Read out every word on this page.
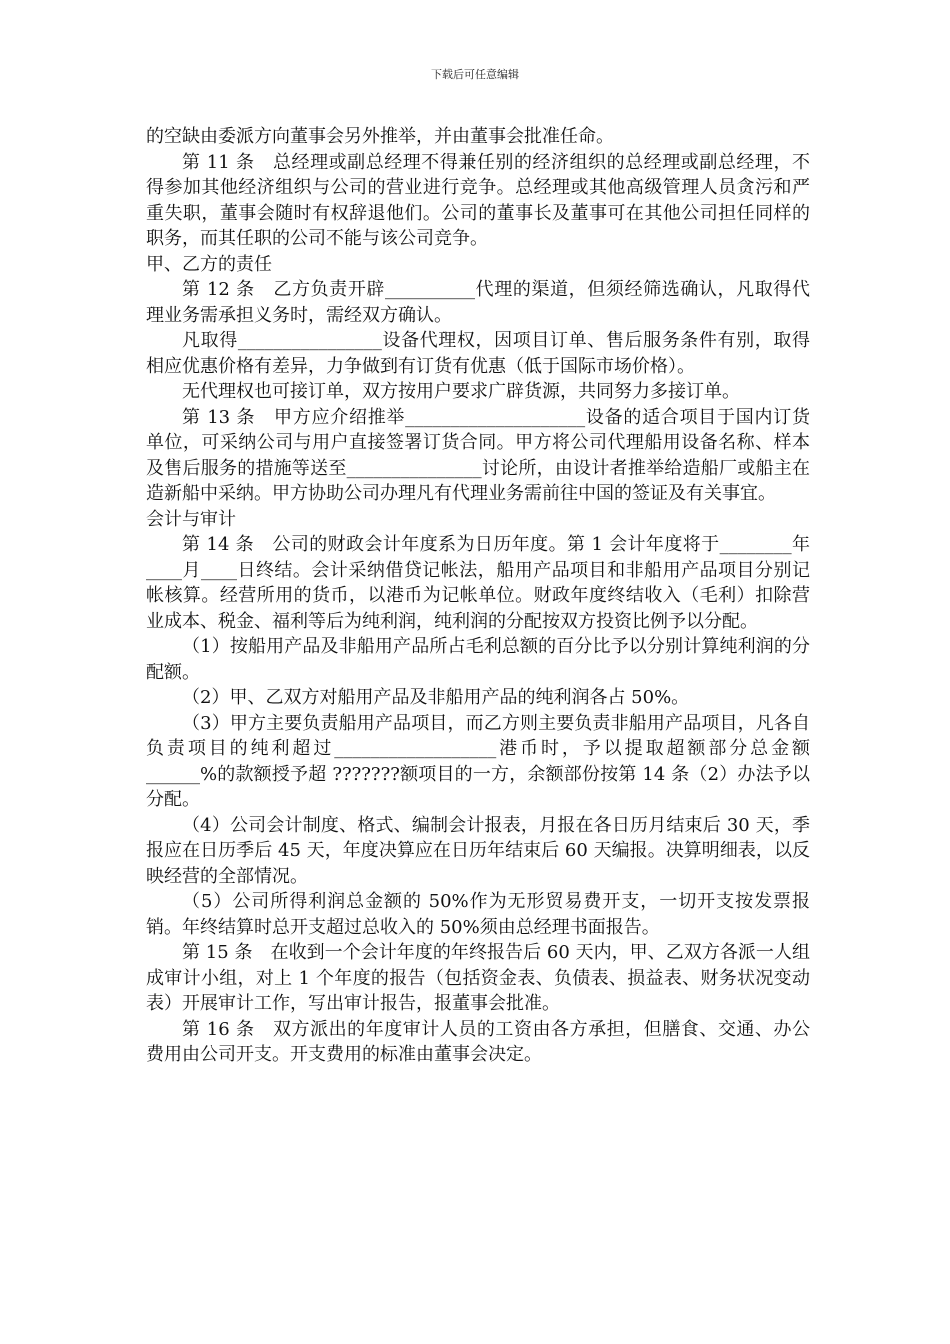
下载后可任意编辑

的空缺由委派方向董事会另外推举，并由董事会批准任命。

第 11 条　总经理或副总经理不得兼任别的经济组织的总经理或副总经理，不得参加其他经济组织与公司的营业进行竞争。总经理或其他高级管理人员贪污和严重失职，董事会随时有权辞退他们。公司的董事长及董事可在其他公司担任同样的职务，而其任职的公司不能与该公司竞争。

甲、乙方的责任

第 12 条　乙方负责开辟__________代理的渠道，但须经筛选确认，凡取得代理业务需承担义务时，需经双方确认。

凡取得________________设备代理权，因项目订单、售后服务条件有别，取得相应优惠价格有差异，力争做到有订货有优惠（低于国际市场价格）。

无代理权也可接订单，双方按用户要求广辟货源，共同努力多接订单。

第 13 条　甲方应介绍推举____________________设备的适合项目于国内订货单位，可采纳公司与用户直接签署订货合同。甲方将公司代理船用设备名称、样本及售后服务的措施等送至_______________讨论所，由设计者推举给造船厂或船主在造新船中采纳。甲方协助公司办理凡有代理业务需前往中国的签证及有关事宜。

会计与审计

第 14 条　公司的财政会计年度系为日历年度。第 1 会计年度将于________年____月____日终结。会计采纳借贷记帐法，船用产品项目和非船用产品项目分别记帐核算。经营所用的货币，以港币为记帐单位。财政年度终结收入（毛利）扣除营业成本、税金、福利等后为纯利润，纯利润的分配按双方投资比例予以分配。

（1）按船用产品及非船用产品所占毛利总额的百分比予以分别计算纯利润的分配额。

（2）甲、乙双方对船用产品及非船用产品的纯利润各占 50%。

（3）甲方主要负责船用产品项目，而乙方则主要负责非船用产品项目，凡各自负责项目的纯利超过__________________港币时，予以提取超额部分总金额______%的款额授予超 ???????额项目的一方，余额部份按第 14 条（2）办法予以分配。

（4）公司会计制度、格式、编制会计报表，月报在各日历月结束后 30 天，季报应在日历季后 45 天，年度决算应在日历年结束后 60 天编报。决算明细表，以反映经营的全部情况。

（5）公司所得利润总金额的 50%作为无形贸易费开支，一切开支按发票报销。年终结算时总开支超过总收入的 50%须由总经理书面报告。

第 15 条　在收到一个会计年度的年终报告后 60 天内，甲、乙双方各派一人组成审计小组，对上 1 个年度的报告（包括资金表、负债表、损益表、财务状况变动表）开展审计工作，写出审计报告，报董事会批准。

第 16 条　双方派出的年度审计人员的工资由各方承担，但膳食、交通、办公费用由公司开支。开支费用的标准由董事会决定。
